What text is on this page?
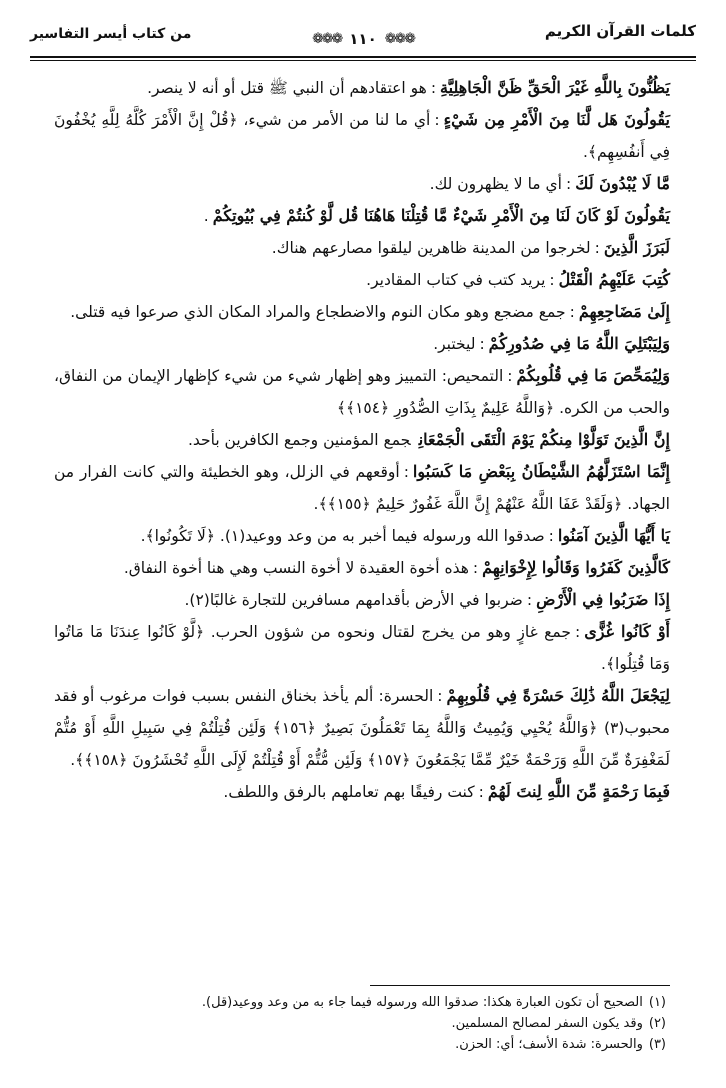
كلمات القرآن الكريم
❁❁❁
١١٠
❁❁❁
من كتاب أيسر التفاسير

يَظُنُّونَ بِاللَّهِ غَيْرَ الْحَقِّ ظَنَّ الْجَاهِلِيَّةِ:هو اعتقادهم أن النبي ﷺ قتل أو أنه لا ينصر.

يَقُولُونَ هَل لَّنَا مِنَ الْأَمْرِ مِن شَيْءٍ:أي ما لنا من الأمر من شيء، ﴿قُلْ إِنَّ الْأَمْرَ كُلَّهُ لِلَّهِ يُخْفُونَ فِي أَنفُسِهِم﴾.

مَّا لَا يُبْدُونَ لَكَ:أي ما لا يظهرون لك.

يَقُولُونَ لَوْ كَانَ لَنَا مِنَ الْأَمْرِ شَيْءٌ مَّا قُتِلْنَا هَاهُنَا قُل لَّوْ كُنتُمْ فِي بُيُوتِكُمْ.

لَبَرَزَ الَّذِينَ:لخرجوا من المدينة ظاهرين ليلقوا مصارعهم هناك.

كُتِبَ عَلَيْهِمُ الْقَتْلُ:يريد كتب في كتاب المقادير.

إِلَىٰ مَضَاجِعِهِمْ:جمع مضجع وهو مكان النوم والاضطجاع والمراد المكان الذي صرعوا فيه قتلى.

وَلِيَبْتَلِيَ اللَّهُ مَا فِي صُدُورِكُمْ:ليختبر.

وَلِيُمَحِّصَ مَا فِي قُلُوبِكُمْ:التمحيص: التمييز وهو إظهار شيء من شيء كإظهار الإيمان من النفاق، والحب من الكره. ﴿وَاللَّهُ عَلِيمٌ بِذَاتِ الصُّدُورِ ﴿١٥٤﴾﴾

إِنَّ الَّذِينَ تَوَلَّوْا مِنكُمْ يَوْمَ الْتَقَى الْجَمْعَانِجمع المؤمنين وجمع الكافرين بأحد.

إِنَّمَا اسْتَزَلَّهُمُ الشَّيْطَانُ بِبَعْضِ مَا كَسَبُوا:أوقعهم في الزلل، وهو الخطيئة والتي كانت الفرار من الجهاد. ﴿وَلَقَدْ عَفَا اللَّهُ عَنْهُمْ إِنَّ اللَّهَ غَفُورٌ حَلِيمٌ ﴿١٥٥﴾﴾.

يَا أَيُّهَا الَّذِينَ آمَنُوا:صدقوا الله ورسوله فيما أخبر به من وعد ووعيد(١). ﴿لَا تَكُونُوا﴾.

كَالَّذِينَ كَفَرُوا وَقَالُوا لِإِخْوَانِهِمْ:هذه أخوة العقيدة لا أخوة النسب وهي هنا أخوة النفاق.

إِذَا ضَرَبُوا فِي الْأَرْضِ:ضربوا في الأرض بأقدامهم مسافرين للتجارة غالبًا(٢).

أَوْ كَانُوا غُزًّى:جمع غازٍ وهو من يخرج لقتال ونحوه من شؤون الحرب. ﴿لَّوْ كَانُوا عِندَنَا مَا مَاتُوا وَمَا قُتِلُوا﴾.

لِيَجْعَلَ اللَّهُ ذَٰلِكَ حَسْرَةً فِي قُلُوبِهِمْ:الحسرة: ألم يأخذ بخناق النفس بسبب فوات مرغوب أو فقد محبوب(٣) ﴿وَاللَّهُ يُحْيِي وَيُمِيتُ وَاللَّهُ بِمَا تَعْمَلُونَ بَصِيرٌ ﴿١٥٦﴾ وَلَئِن قُتِلْتُمْ فِي سَبِيلِ اللَّهِ أَوْ مُتُّمْ لَمَغْفِرَةٌ مِّنَ اللَّهِ وَرَحْمَةٌ خَيْرٌ مِّمَّا يَجْمَعُونَ ﴿١٥٧﴾ وَلَئِن مُّتُّمْ أَوْ قُتِلْتُمْ لَإِلَى اللَّهِ تُحْشَرُونَ ﴿١٥٨﴾﴾.

فَبِمَا رَحْمَةٍ مِّنَ اللَّهِ لِنتَ لَهُمْ:كنت رفيقًا بهم تعاملهم بالرفق واللطف.

(١)الصحيح أن تكون العبارة هكذا: صدقوا الله ورسوله فيما جاء به من وعد ووعيد(قل).
(٢)وقد يكون السفر لمصالح المسلمين.
(٣)والحسرة: شدة الأسف؛ أي: الحزن.
